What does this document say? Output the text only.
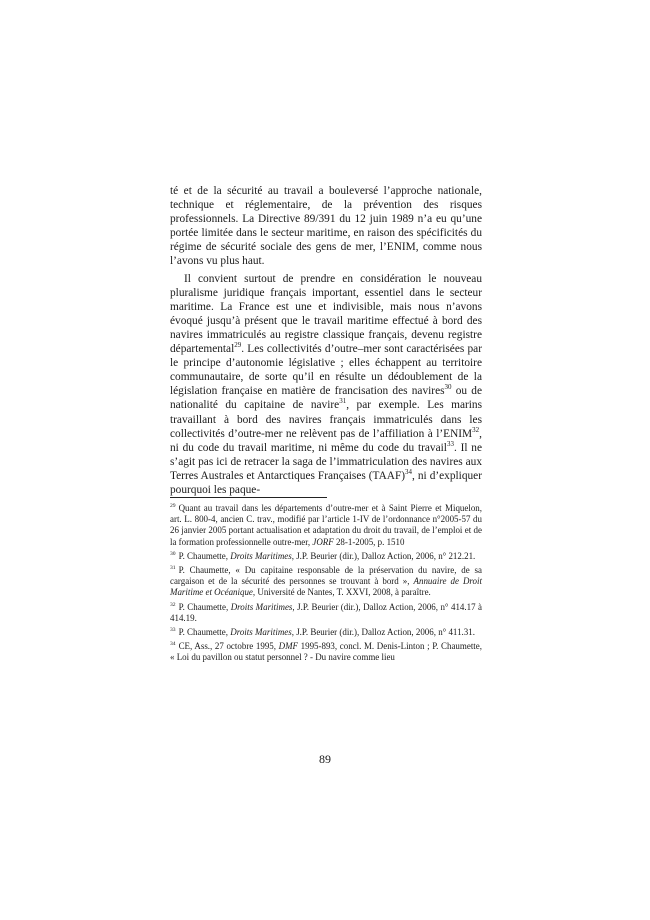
té et de la sécurité au travail a bouleversé l’approche nationale, technique et réglementaire, de la prévention des risques professionnels. La Directive 89/391 du 12 juin 1989 n’a eu qu’une portée limitée dans le secteur maritime, en raison des spécificités du régime de sécurité sociale des gens de mer, l’ENIM, comme nous l’avons vu plus haut.

Il convient surtout de prendre en considération le nouveau pluralisme juridique français important, essentiel dans le secteur maritime. La France est une et indivisible, mais nous n’avons évoqué jusqu’à présent que le travail maritime effectué à bord des navires immatriculés au registre classique français, devenu registre départemental$^{29}$. Les collectivités d’outre–mer sont caractérisées par le principe d’autonomie législative ; elles échappent au territoire communautaire, de sorte qu’il en résulte un dédoublement de la législation française en matière de francisation des navires$^{30}$ ou de nationalité du capitaine de navire$^{31}$, par exemple. Les marins travaillant à bord des navires français immatriculés dans les collectivités d’outre-mer ne relèvent pas de l’affiliation à l’ENIM$^{32}$, ni du code du travail maritime, ni même du code du travail$^{33}$. Il ne s’agit pas ici de retracer la saga de l’immatriculation des navires aux Terres Australes et Antarctiques Françaises (TAAF)$^{34}$, ni d’expliquer pourquoi les paque-

$^{29}$ Quant au travail dans les départements d’outre-mer et à Saint Pierre et Miquelon, art. L. 800-4, ancien C. trav., modifié par l’article 1-IV de l’ordonnance n°2005-57 du 26 janvier 2005 portant actualisation et adaptation du droit du travail, de l’emploi et de la formation professionnelle outre-mer, JORF 28-1-2005, p. 1510

$^{30}$ P. Chaumette, Droits Maritimes, J.P. Beurier (dir.), Dalloz Action, 2006, n° 212.21.

$^{31}$ P. Chaumette, « Du capitaine responsable de la préservation du navire, de sa cargaison et de la sécurité des personnes se trouvant à bord », Annuaire de Droit Maritime et Océanique, Université de Nantes, T. XXVI, 2008, à paraître.

$^{32}$ P. Chaumette, Droits Maritimes, J.P. Beurier (dir.), Dalloz Action, 2006, n° 414.17 à 414.19.

$^{33}$ P. Chaumette, Droits Maritimes, J.P. Beurier (dir.), Dalloz Action, 2006, n° 411.31.

$^{34}$ CE, Ass., 27 octobre 1995, DMF 1995-893, concl. M. Denis-Linton ; P. Chaumette, « Loi du pavillon ou statut personnel ? - Du navire comme lieu

89
